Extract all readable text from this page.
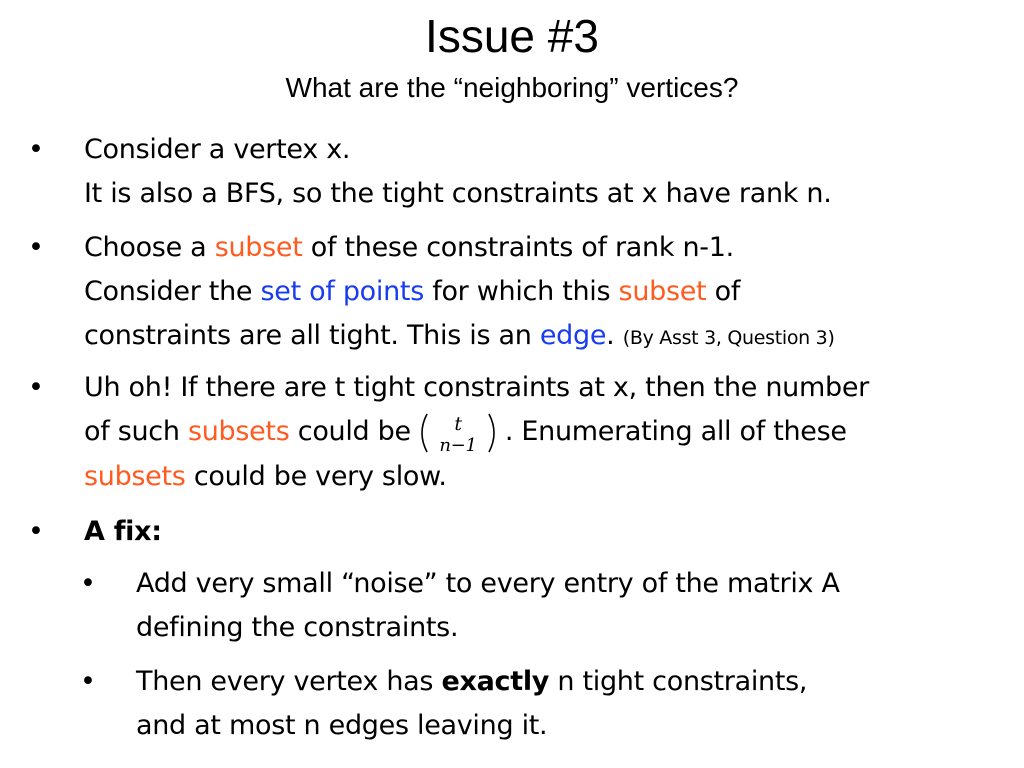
Issue #3
What are the “neighboring” vertices?
• Consider a vertex x.
It is also a BFS, so the tight constraints at x have rank n.
• Choose a subset of these constraints of rank n-1.
Consider the set of points for which this subset of
constraints are all tight. This is an edge. (By Asst 3, Question 3)
• Uh oh! If there are t tight constraints at x, then the number
of such subsets could be t
n−1 . Enumerating all of these
subsets could be very slow.
• A fix:
• Add very small “noise” to every entry of the matrix A
defining the constraints.
• Then every vertex has exactly n tight constraints,
and at most n edges leaving it.
